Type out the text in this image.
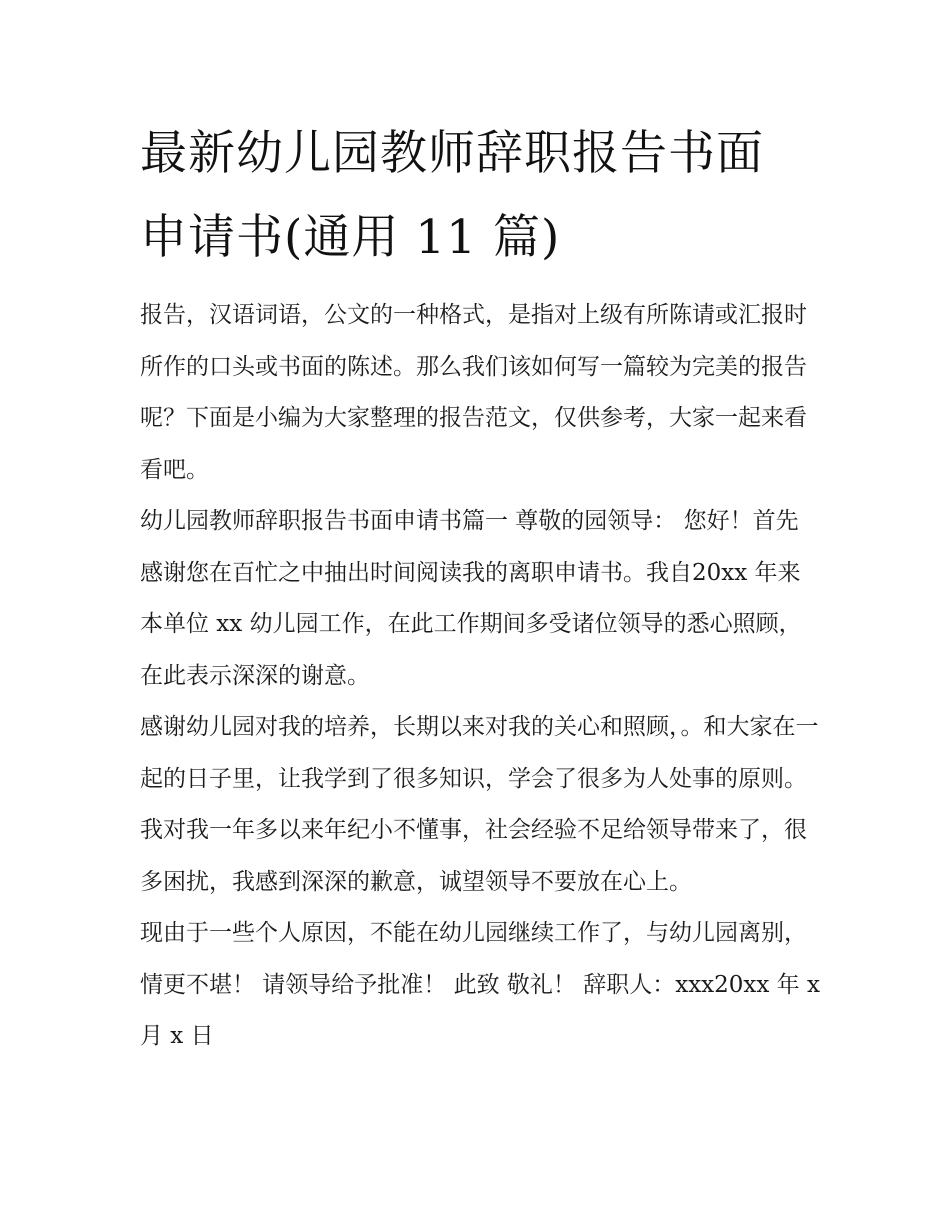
最新幼儿园教师辞职报告书面
申请书(通用 11 篇)

报告，汉语词语，公文的一种格式，是指对上级有所陈请或汇报时所作的口头或书面的陈述。那么我们该如何写一篇较为完美的报告呢？下面是小编为大家整理的报告范文，仅供参考，大家一起来看看吧。

幼儿园教师辞职报告书面申请书篇一 尊敬的园领导： 您好！首先感谢您在百忙之中抽出时间阅读我的离职申请书。我自20xx 年来本单位 xx 幼儿园工作，在此工作期间多受诸位领导的悉心照顾，在此表示深深的谢意。

感谢幼儿园对我的培养，长期以来对我的关心和照顾，。和大家在一起的日子里，让我学到了很多知识，学会了很多为人处事的原则。我对我一年多以来年纪小不懂事，社会经验不足给领导带来了，很多困扰，我感到深深的歉意，诚望领导不要放在心上。

现由于一些个人原因，不能在幼儿园继续工作了，与幼儿园离别，情更不堪！ 请领导给予批准！ 此致 敬礼！ 辞职人：xxx20xx 年 x 月 x 日
